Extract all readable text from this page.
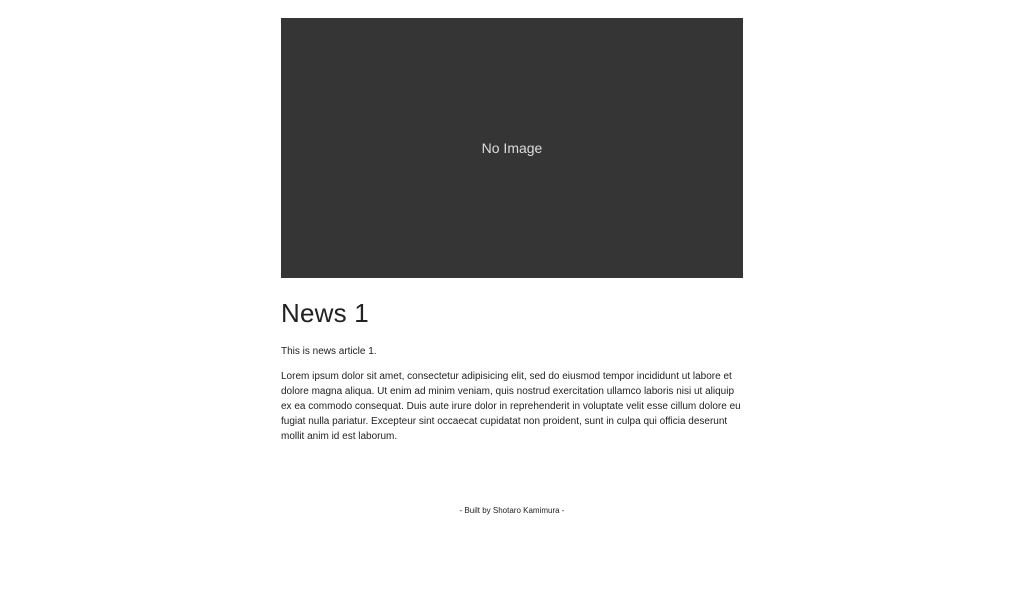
No Image
News 1

This is news article 1.

Lorem ipsum dolor sit amet, consectetur adipisicing elit, sed do eiusmod tempor incididunt ut labore et dolore magna aliqua. Ut enim ad minim veniam, quis nostrud exercitation ullamco laboris nisi ut aliquip ex ea commodo consequat. Duis aute irure dolor in reprehenderit in voluptate velit esse cillum dolore eu fugiat nulla pariatur. Excepteur sint occaecat cupidatat non proident, sunt in culpa qui officia deserunt mollit anim id est laborum.

- Built by Shotaro Kamimura -
